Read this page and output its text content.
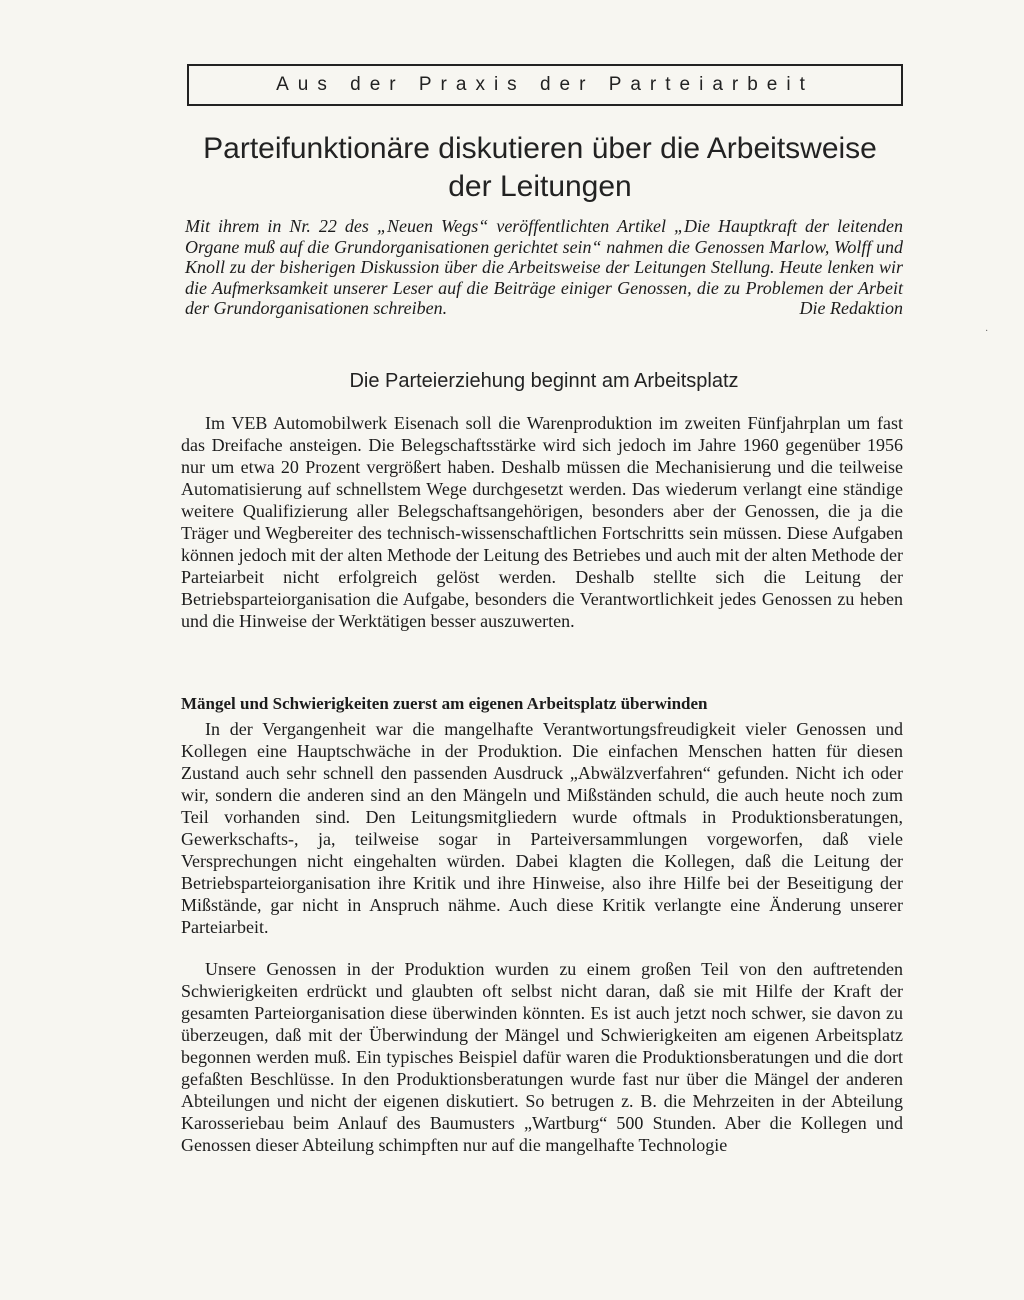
Aus der Praxis der Parteiarbeit
Parteifunktionäre diskutieren über die Arbeitsweise
der Leitungen

Mit ihrem in Nr. 22 des „Neuen Wegs“ veröffentlichten Artikel „Die Hauptkraft der leitenden Organe muß auf die Grundorganisationen gerichtet sein“ nahmen die Genossen Marlow, Wolff und Knoll zu der bisherigen Diskussion über die Arbeitsweise der Leitungen Stellung. Heute lenken wir die Aufmerksamkeit unserer Leser auf die Beiträge einiger Genossen, die zu Problemen der Arbeit der Grundorganisationen schreiben.	Die Redaktion

·
Die Parteierziehung beginnt am Arbeitsplatz

Im VEB Automobilwerk Eisenach soll die Warenproduktion im zweiten Fünfjahrplan um fast das Dreifache ansteigen. Die Belegschaftsstärke wird sich jedoch im Jahre 1960 gegenüber 1956 nur um etwa 20 Prozent vergrößert haben. Deshalb müssen die Mechanisierung und die teilweise Automatisierung auf schnellstem Wege durchgesetzt werden. Das wiederum verlangt eine ständige weitere Qualifizierung aller Belegschaftsangehörigen, besonders aber der Genossen, die ja die Träger und Wegbereiter des technisch-wissenschaftlichen Fortschritts sein müssen. Diese Aufgaben können jedoch mit der alten Methode der Leitung des Betriebes und auch mit der alten Methode der Parteiarbeit nicht erfolgreich gelöst werden. Deshalb stellte sich die Leitung der Betriebsparteiorganisation die Aufgabe, besonders die Verantwortlichkeit jedes Genossen zu heben und die Hinweise der Werktätigen besser auszuwerten.

Mängel und Schwierigkeiten zuerst am eigenen Arbeitsplatz überwinden

In der Vergangenheit war die mangelhafte Verantwortungsfreudigkeit vieler Genossen und Kollegen eine Hauptschwäche in der Produktion. Die einfachen Menschen hatten für diesen Zustand auch sehr schnell den passenden Ausdruck „Abwälzverfahren“ gefunden. Nicht ich oder wir, sondern die anderen sind an den Mängeln und Mißständen schuld, die auch heute noch zum Teil vorhanden sind. Den Leitungsmitgliedern wurde oftmals in Produktionsberatungen, Gewerkschafts-, ja, teilweise sogar in Parteiversammlungen vorgeworfen, daß viele Versprechungen nicht eingehalten würden. Dabei klagten die Kollegen, daß die Leitung der Betriebsparteiorganisation ihre Kritik und ihre Hinweise, also ihre Hilfe bei der Beseitigung der Mißstände, gar nicht in Anspruch nähme. Auch diese Kritik verlangte eine Änderung unserer Parteiarbeit.

Unsere Genossen in der Produktion wurden zu einem großen Teil von den auftretenden Schwierigkeiten erdrückt und glaubten oft selbst nicht daran, daß sie mit Hilfe der Kraft der gesamten Parteiorganisation diese überwinden könnten. Es ist auch jetzt noch schwer, sie davon zu überzeugen, daß mit der Überwindung der Mängel und Schwierigkeiten am eigenen Arbeitsplatz begonnen werden muß. Ein typisches Beispiel dafür waren die Produktionsberatungen und die dort gefaßten Beschlüsse. In den Produktionsberatungen wurde fast nur über die Mängel der anderen Abteilungen und nicht der eigenen diskutiert. So betrugen z. B. die Mehrzeiten in der Abteilung Karosseriebau beim Anlauf des Baumusters „Wartburg“ 500 Stunden. Aber die Kollegen und Genossen dieser Abteilung schimpften nur auf die mangelhafte Technologie
